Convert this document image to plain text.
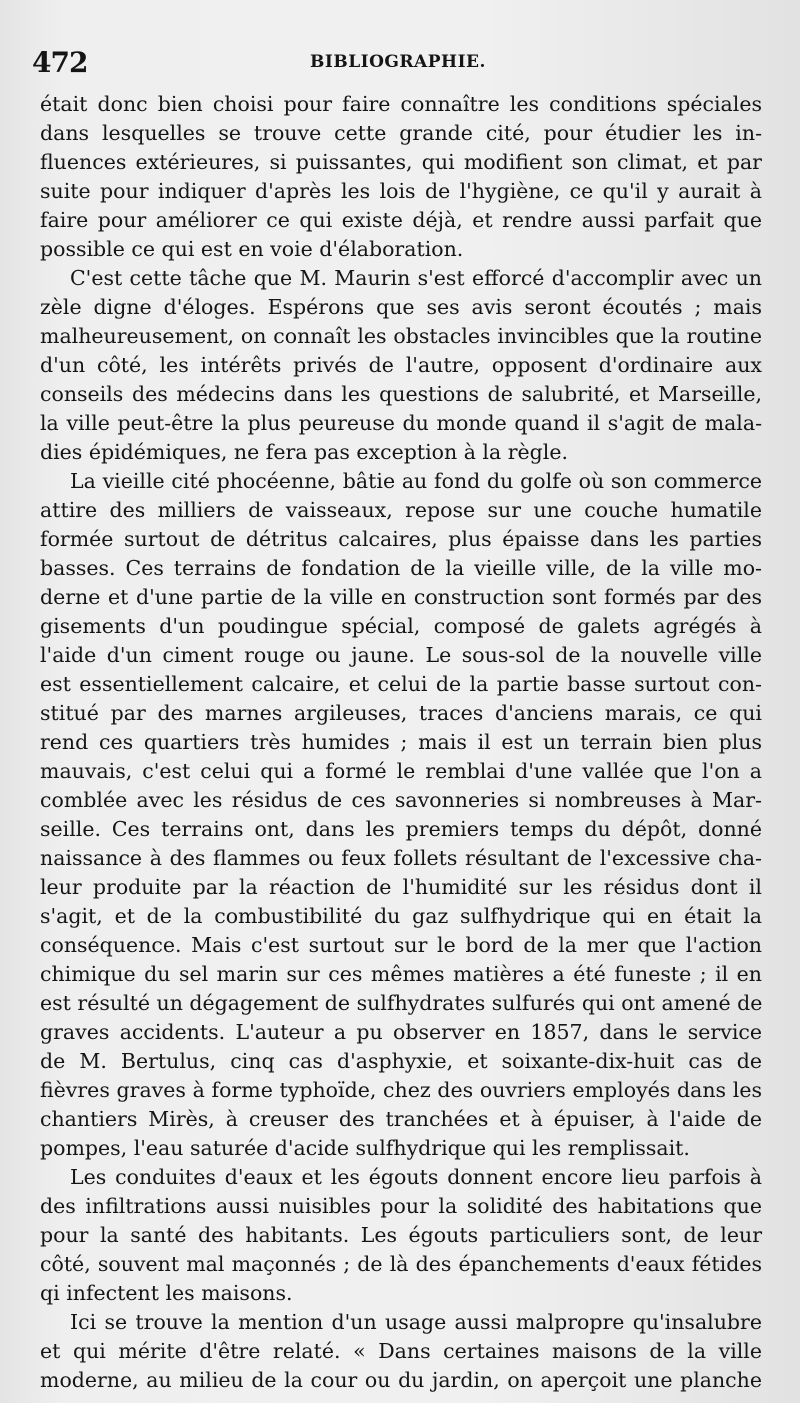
472	BIBLIOGRAPHIE.
était donc bien choisi pour faire connaître les conditions spéciales
dans lesquelles se trouve cette grande cité, pour étudier les in-
fluences extérieures, si puissantes, qui modifient son climat, et par
suite pour indiquer d'après les lois de l'hygiène, ce qu'il y aurait à
faire pour améliorer ce qui existe déjà, et rendre aussi parfait que
possible ce qui est en voie d'élaboration.
C'est cette tâche que M. Maurin s'est efforcé d'accomplir avec un
zèle digne d'éloges. Espérons que ses avis seront écoutés ; mais
malheureusement, on connaît les obstacles invincibles que la routine
d'un côté, les intérêts privés de l'autre, opposent d'ordinaire aux
conseils des médecins dans les questions de salubrité, et Marseille,
la ville peut-être la plus peureuse du monde quand il s'agit de mala-
dies épidémiques, ne fera pas exception à la règle.
La vieille cité phocéenne, bâtie au fond du golfe où son commerce
attire des milliers de vaisseaux, repose sur une couche humatile
formée surtout de détritus calcaires, plus épaisse dans les parties
basses. Ces terrains de fondation de la vieille ville, de la ville mo-
derne et d'une partie de la ville en construction sont formés par des
gisements d'un poudingue spécial, composé de galets agrégés à
l'aide d'un ciment rouge ou jaune. Le sous-sol de la nouvelle ville
est essentiellement calcaire, et celui de la partie basse surtout con-
stitué par des marnes argileuses, traces d'anciens marais, ce qui
rend ces quartiers très humides ; mais il est un terrain bien plus
mauvais, c'est celui qui a formé le remblai d'une vallée que l'on a
comblée avec les résidus de ces savonneries si nombreuses à Mar-
seille. Ces terrains ont, dans les premiers temps du dépôt, donné
naissance à des flammes ou feux follets résultant de l'excessive cha-
leur produite par la réaction de l'humidité sur les résidus dont il
s'agit, et de la combustibilité du gaz sulfhydrique qui en était la
conséquence. Mais c'est surtout sur le bord de la mer que l'action
chimique du sel marin sur ces mêmes matières a été funeste ; il en
est résulté un dégagement de sulfhydrates sulfurés qui ont amené de
graves accidents. L'auteur a pu observer en 1857, dans le service
de M. Bertulus, cinq cas d'asphyxie, et soixante-dix-huit cas de
fièvres graves à forme typhoïde, chez des ouvriers employés dans les
chantiers Mirès, à creuser des tranchées et à épuiser, à l'aide de
pompes, l'eau saturée d'acide sulfhydrique qui les remplissait.
Les conduites d'eaux et les égouts donnent encore lieu parfois à
des infiltrations aussi nuisibles pour la solidité des habitations que
pour la santé des habitants. Les égouts particuliers sont, de leur
côté, souvent mal maçonnés ; de là des épanchements d'eaux fétides
qi infectent les maisons.
Ici se trouve la mention d'un usage aussi malpropre qu'insalubre
et qui mérite d'être relaté. « Dans certaines maisons de la ville
moderne, au milieu de la cour ou du jardin, on aperçoit une planche
